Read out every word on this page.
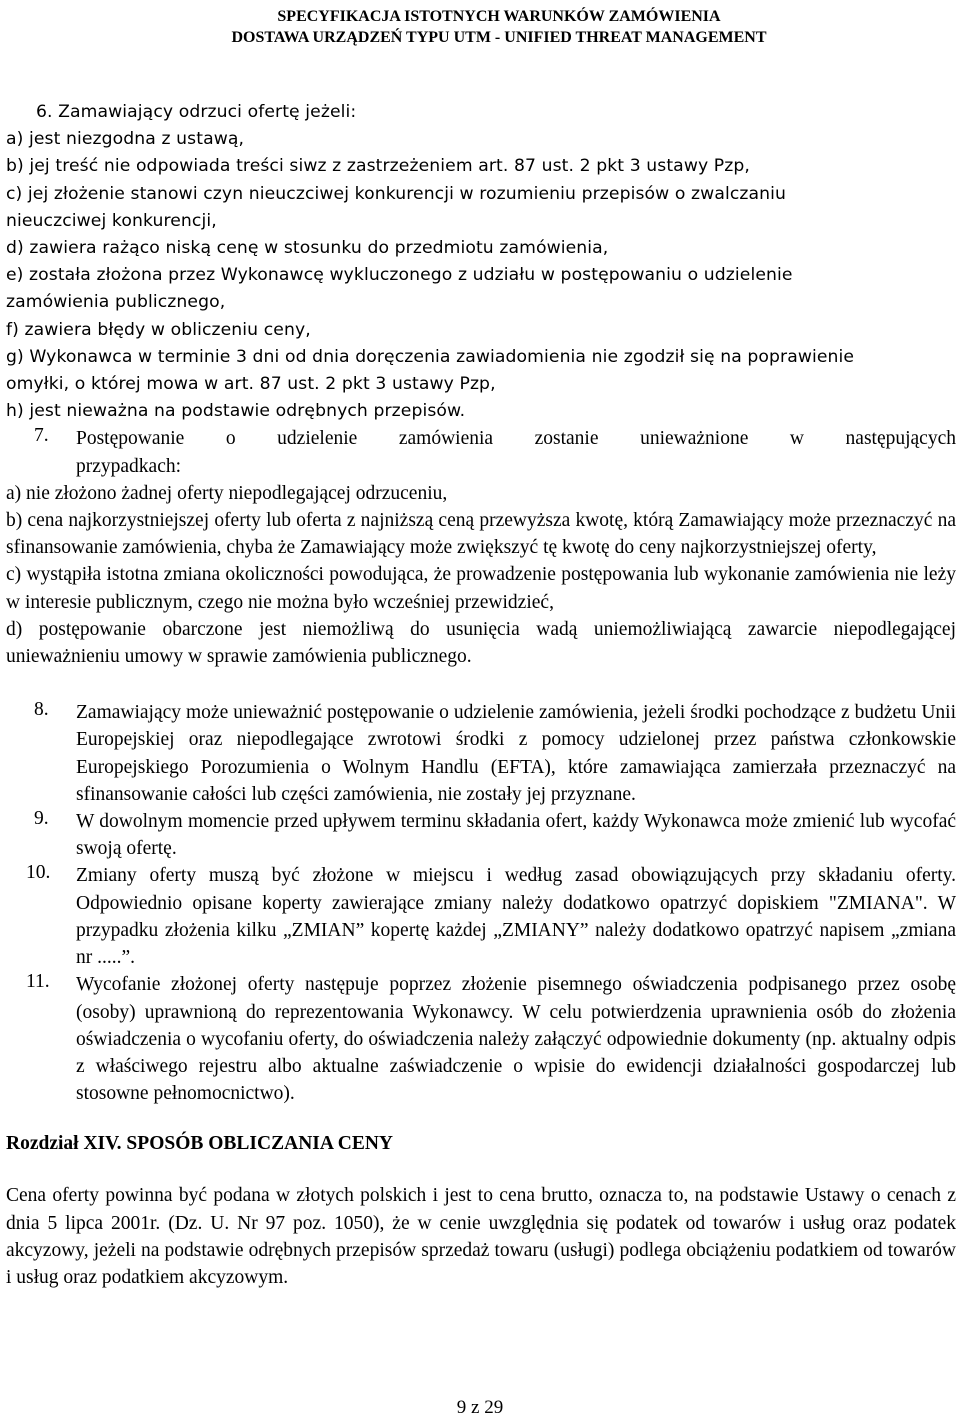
SPECYFIKACJA ISTOTNYCH WARUNKÓW ZAMÓWIENIA
DOSTAWA URZĄDZEŃ TYPU UTM - UNIFIED THREAT MANAGEMENT

6. Zamawiający odrzuci ofertę jeżeli:

a) jest niezgodna z ustawą,

b) jej treść nie odpowiada treści siwz z zastrzeżeniem art. 87 ust. 2 pkt 3 ustawy Pzp,

c) jej złożenie stanowi czyn nieuczciwej konkurencji w rozumieniu przepisów o zwalczaniu

nieuczciwej konkurencji,

d) zawiera rażąco niską cenę w stosunku do przedmiotu zamówienia,

e) została złożona przez Wykonawcę wykluczonego z udziału w postępowaniu o udzielenie

zamówienia publicznego,

f) zawiera błędy w obliczeniu ceny,

g) Wykonawca w terminie 3 dni od dnia doręczenia zawiadomienia nie zgodził się na poprawienie

omyłki, o której mowa w art. 87 ust. 2 pkt 3 ustawy Pzp,

h) jest nieważna na podstawie odrębnych przepisów.

7.	Postępowanie o udzielenie zamówienia zostanie unieważnione w następujących

przypadkach:

a) nie złożono żadnej oferty niepodlegającej odrzuceniu,

b) cena najkorzystniejszej oferty lub oferta z najniższą ceną przewyższa kwotę, którą Zamawiający może przeznaczyć na sfinansowanie zamówienia, chyba że Zamawiający może zwiększyć tę kwotę do ceny najkorzystniejszej oferty,

c) wystąpiła istotna zmiana okoliczności powodująca, że prowadzenie postępowania lub wykonanie zamówienia nie leży w interesie publicznym, czego nie można było wcześniej przewidzieć,

d) postępowanie obarczone jest niemożliwą do usunięcia wadą uniemożliwiającą zawarcie niepodlegającej unieważnieniu umowy w sprawie zamówienia publicznego.

8.	Zamawiający może unieważnić postępowanie o udzielenie zamówienia, jeżeli środki pochodzące z budżetu Unii Europejskiej oraz niepodlegające zwrotowi środki z pomocy udzielonej przez państwa członkowskie Europejskiego Porozumienia o Wolnym Handlu (EFTA), które zamawiająca zamierzała przeznaczyć na sfinansowanie całości lub części zamówienia, nie zostały jej przyznane.

9.	W dowolnym momencie przed upływem terminu składania ofert, każdy Wykonawca może zmienić lub wycofać swoją ofertę.

10.	Zmiany oferty muszą być złożone w miejscu i według zasad obowiązujących przy składaniu oferty. Odpowiednio opisane koperty zawierające zmiany należy dodatkowo opatrzyć dopiskiem "ZMIANA". W przypadku złożenia kilku „ZMIAN” kopertę każdej „ZMIANY” należy dodatkowo opatrzyć napisem „zmiana nr .....”.

11.	Wycofanie złożonej oferty następuje poprzez złożenie pisemnego oświadczenia podpisanego przez osobę (osoby) uprawnioną do reprezentowania Wykonawcy. W celu potwierdzenia uprawnienia osób do złożenia oświadczenia o wycofaniu oferty, do oświadczenia należy załączyć odpowiednie dokumenty (np. aktualny odpis z właściwego rejestru albo aktualne zaświadczenie o wpisie do ewidencji działalności gospodarczej lub stosowne pełnomocnictwo).

Rozdział XIV. SPOSÓB OBLICZANIA CENY

Cena oferty powinna być podana w złotych polskich i jest to cena brutto, oznacza to, na podstawie Ustawy o cenach z dnia 5 lipca 2001r. (Dz. U. Nr 97 poz. 1050), że w cenie uwzględnia się podatek od towarów i usług oraz podatek akcyzowy, jeżeli na podstawie odrębnych przepisów sprzedaż towaru (usługi) podlega obciążeniu podatkiem od towarów i usług oraz podatkiem akcyzowym.

9 z 29
